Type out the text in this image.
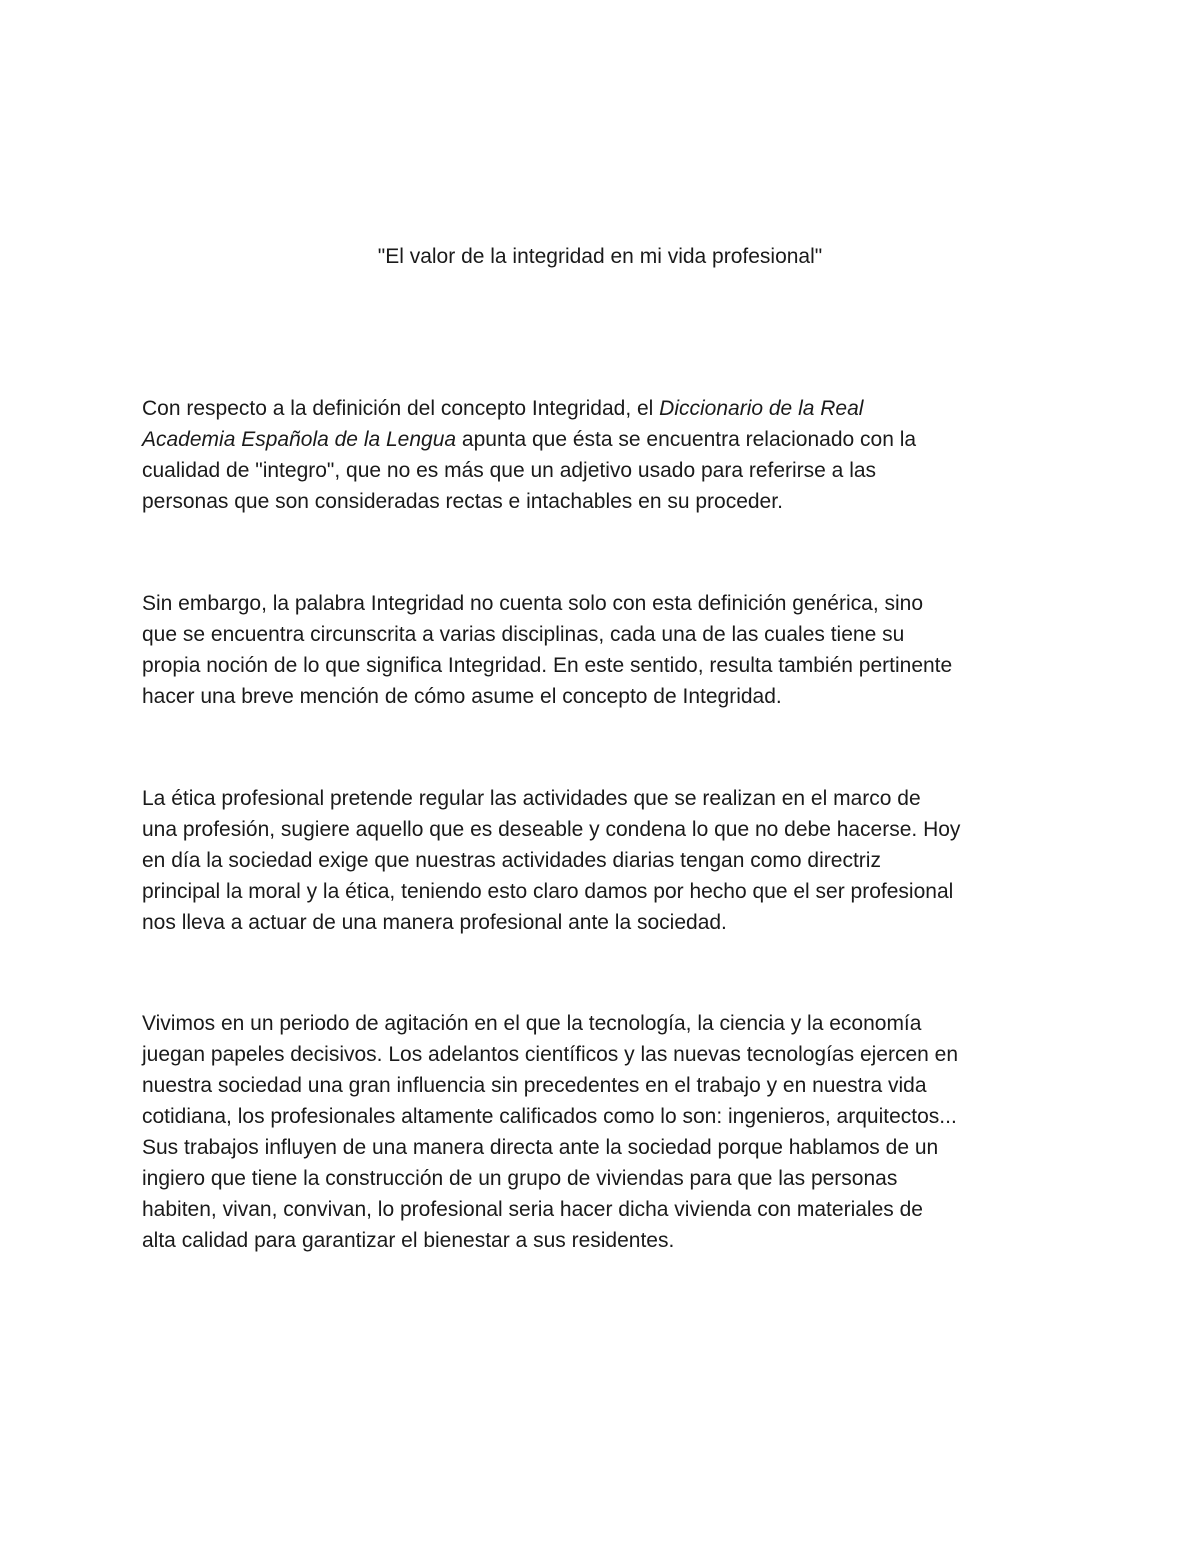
"El valor de la integridad en mi vida profesional"

Con respecto a la definición del concepto Integridad, el Diccionario de la Real
Academia Española de la Lengua apunta que ésta se encuentra relacionado con la
cualidad de "integro", que no es más que un adjetivo usado para referirse a las
personas que son consideradas rectas e intachables en su proceder.

Sin embargo, la palabra Integridad no cuenta solo con esta definición genérica, sino
que se encuentra circunscrita a varias disciplinas, cada una de las cuales tiene su
propia noción de lo que significa Integridad. En este sentido, resulta también pertinente
hacer una breve mención de cómo asume el concepto de Integridad.

La ética profesional pretende regular las actividades que se realizan en el marco de
una profesión, sugiere aquello que es deseable y condena lo que no debe hacerse. Hoy
en día la sociedad exige que nuestras actividades diarias tengan como directriz
principal la moral y la ética, teniendo esto claro damos por hecho que el ser profesional
nos lleva a actuar de una manera profesional ante la sociedad.

Vivimos en un periodo de agitación en el que la tecnología, la ciencia y la economía
juegan papeles decisivos. Los adelantos científicos y las nuevas tecnologías ejercen en
nuestra sociedad una gran influencia sin precedentes en el trabajo y en nuestra vida
cotidiana, los profesionales altamente calificados como lo son: ingenieros, arquitectos...
Sus trabajos influyen de una manera directa ante la sociedad porque hablamos de un
ingiero que tiene la construcción de un grupo de viviendas para que las personas
habiten, vivan, convivan, lo profesional seria hacer dicha vivienda con materiales de
alta calidad para garantizar el bienestar a sus residentes.
